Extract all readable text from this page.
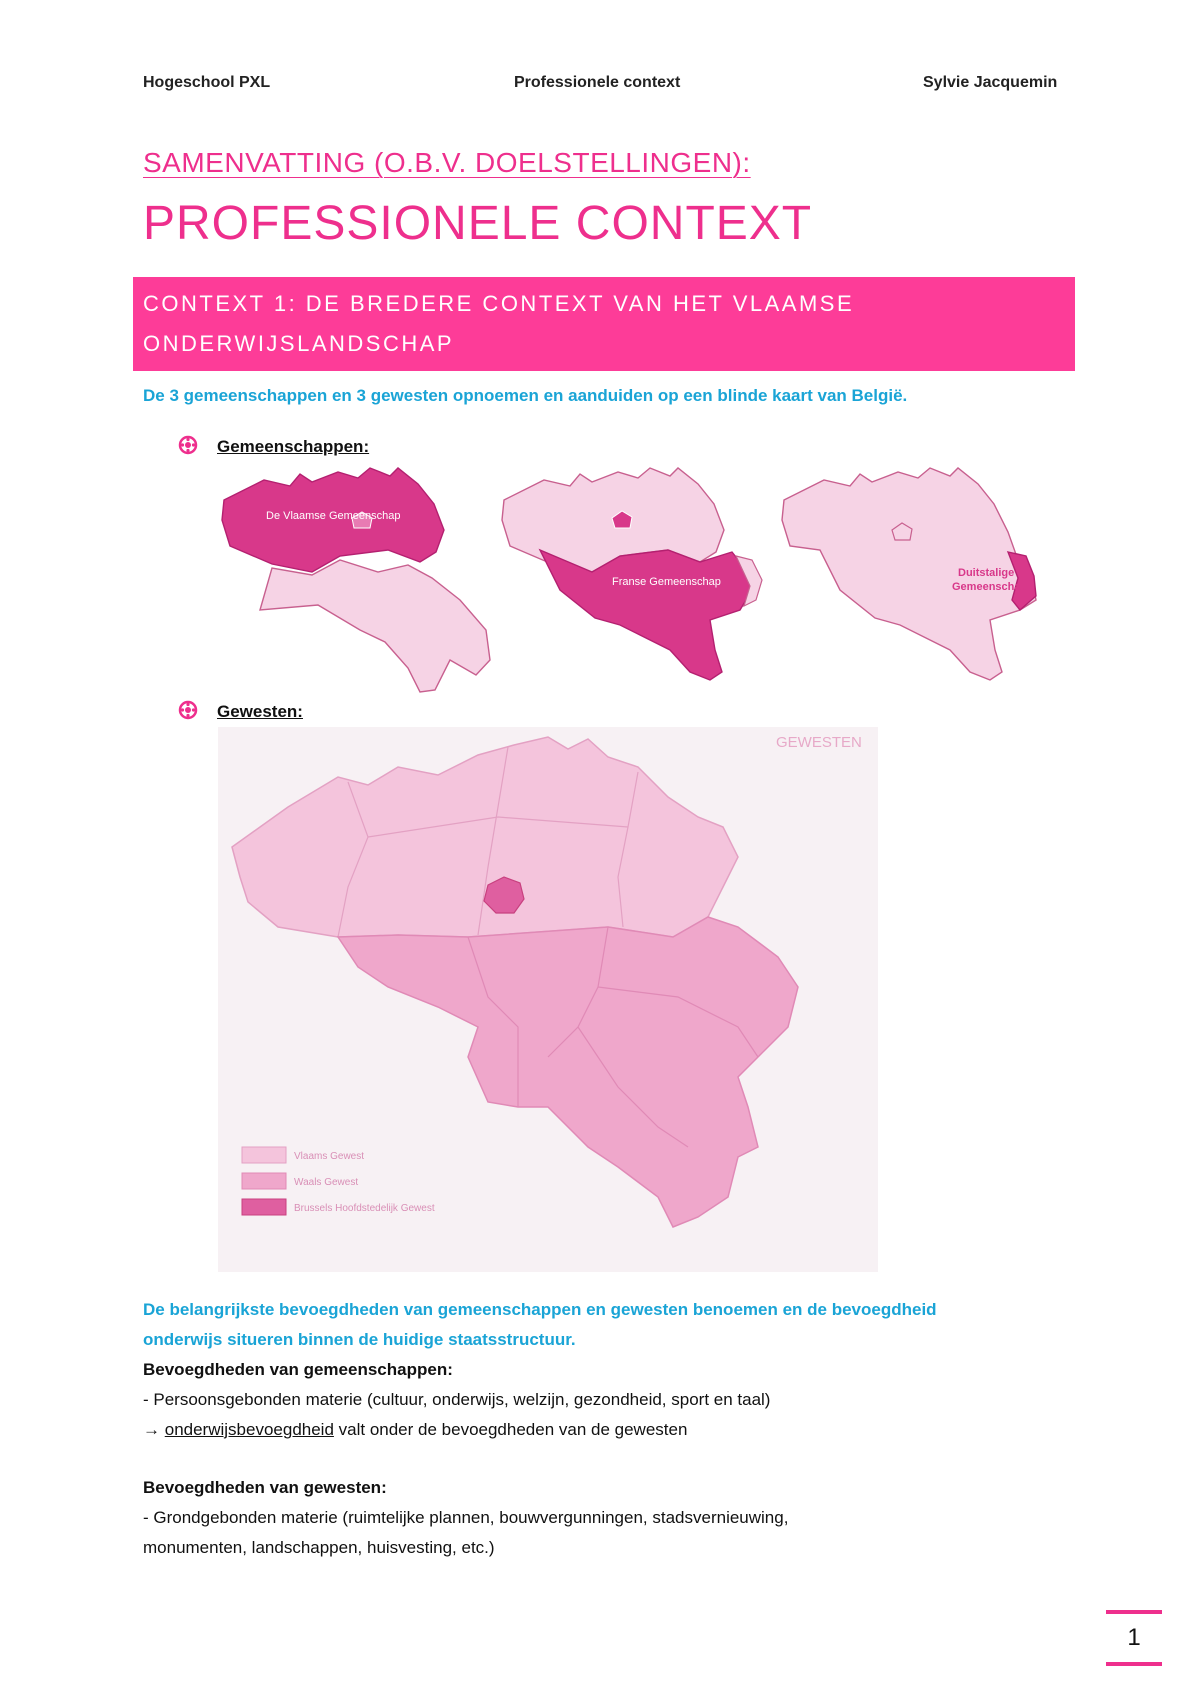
Hogeschool PXL	Professionele context	Sylvie Jacquemin
SAMENVATTING (O.B.V. DOELSTELLINGEN):
PROFESSIONELE CONTEXT
CONTEXT 1: DE BREDERE CONTEXT VAN HET VLAAMSE
ONDERWIJSLANDSCHAP
De 3 gemeenschappen en 3 gewesten opnoemen en aanduiden op een blinde kaart van België.
Gemeenschappen:
De Vlaamse Gemeenschap
Franse Gemeenschap
Duitstalige
Gemeenschap
Gewesten:
GEWESTEN
Vlaams Gewest
Waals Gewest
Brussels Hoofdstedelijk Gewest
De belangrijkste bevoegdheden van gemeenschappen en gewesten benoemen en de bevoegdheid
onderwijs situeren binnen de huidige staatsstructuur.
Bevoegdheden van gemeenschappen:
- Persoonsgebonden materie (cultuur, onderwijs, welzijn, gezondheid, sport en taal)
→ onderwijsbevoegdheid valt onder de bevoegdheden van de gewesten
Bevoegdheden van gewesten:
- Grondgebonden materie (ruimtelijke plannen, bouwvergunningen, stadsvernieuwing,
monumenten, landschappen, huisvesting, etc.)
1
